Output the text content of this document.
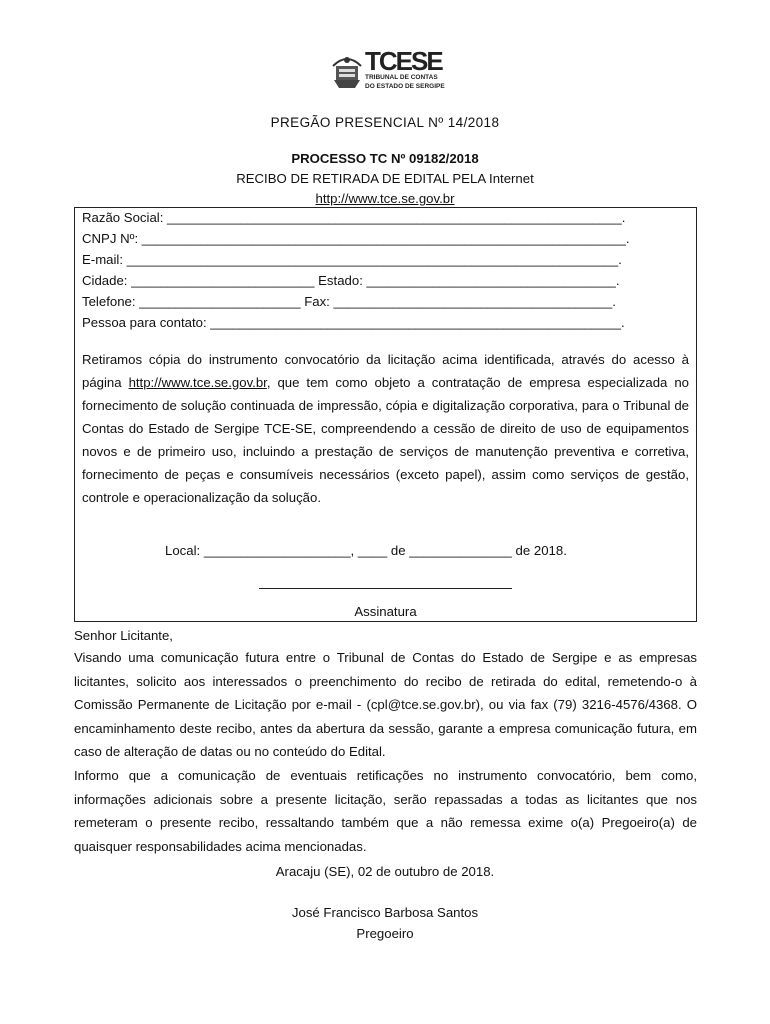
TCESE
TRIBUNAL DE CONTAS
DO ESTADO DE SERGIPE
PREGÃO PRESENCIAL Nº 14/2018
PROCESSO TC Nº 09182/2018
RECIBO DE RETIRADA DE EDITAL PELA Internet
http://www.tce.se.gov.br
Razão Social: ______________________________________________________________.
CNPJ Nº: __________________________________________________________________.
E-mail: ___________________________________________________________________.
Cidade: _________________________ Estado: __________________________________.
Telefone: ______________________ Fax: ______________________________________.
Pessoa para contato: ________________________________________________________.
Retiramos cópia do instrumento convocatório da licitação acima identificada, através do acesso à página http://www.tce.se.gov.br, que tem como objeto a contratação de empresa especializada no fornecimento de solução continuada de impressão, cópia e digitalização corporativa, para o Tribunal de Contas do Estado de Sergipe TCE-SE, compreendendo a cessão de direito de uso de equipamentos novos e de primeiro uso, incluindo a prestação de serviços de manutenção preventiva e corretiva, fornecimento de peças e consumíveis necessários (exceto papel), assim como serviços de gestão, controle e operacionalização da solução.
Local: ____________________, ____ de ______________ de 2018.
Assinatura
Senhor Licitante,
Visando uma comunicação futura entre o Tribunal de Contas do Estado de Sergipe e as empresas licitantes, solicito aos interessados o preenchimento do recibo de retirada do edital, remetendo-o à Comissão Permanente de Licitação por e-mail - (cpl@tce.se.gov.br), ou via fax (79) 3216-4576/4368. O encaminhamento deste recibo, antes da abertura da sessão, garante a empresa comunicação futura, em caso de alteração de datas ou no conteúdo do Edital.
Informo que a comunicação de eventuais retificações no instrumento convocatório, bem como, informações adicionais sobre a presente licitação, serão repassadas a todas as licitantes que nos remeteram o presente recibo, ressaltando também que a não remessa exime o(a) Pregoeiro(a) de quaisquer responsabilidades acima mencionadas.
Aracaju (SE), 02 de outubro de 2018.
José Francisco Barbosa Santos
Pregoeiro
